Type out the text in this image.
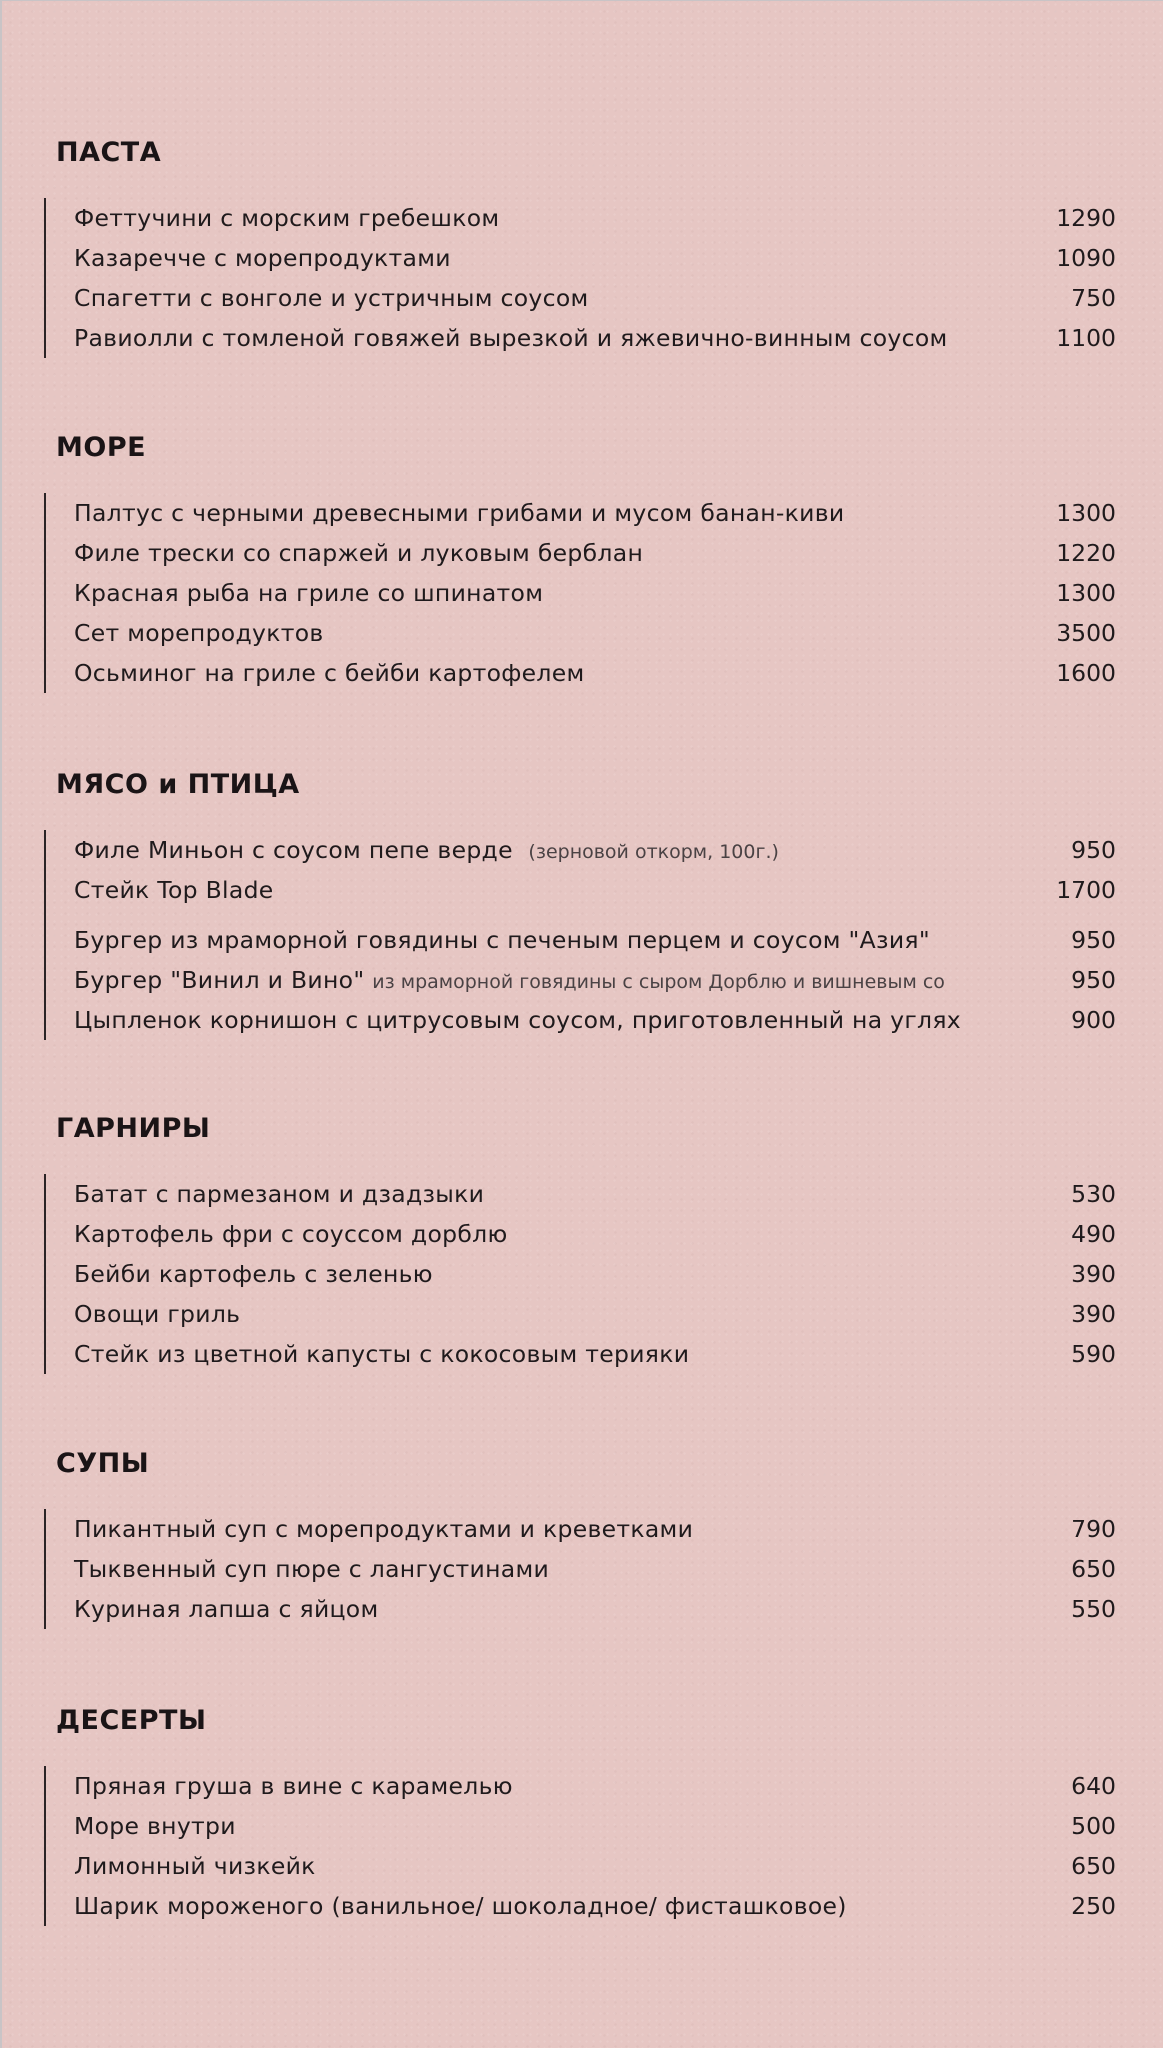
ПАСТА
Феттучини с морским гребешком	1290
Казаречче с морепродуктами	1090
Спагетти с вонголе и устричным соусом	750
Равиолли с томленой говяжей вырезкой и яжевично-винным соусом	1100
МОРЕ
Палтус с черными древесными грибами и мусом банан-киви	1300
Филе трески со спаржей и луковым берблан	1220
Красная рыба на гриле со шпинатом	1300
Сет морепродуктов	3500
Осьминог на гриле с бейби картофелем	1600
МЯСО и ПТИЦА
Филе Миньон с соусом пепе верде (зерновой откорм, 100г.)	950
Стейк Top Blade	1700
Бургер из мраморной говядины с печеным перцем и соусом "Азия"	950
Бургер "Винил и Вино" из мраморной говядины с сыром Дорблю и вишневым со	950
Цыпленок корнишон с цитрусовым соусом, приготовленный на углях	900
ГАРНИРЫ
Батат с пармезаном и дзадзыки	530
Картофель фри с соуссом дорблю	490
Бейби картофель с зеленью	390
Овощи гриль	390
Стейк из цветной капусты с кокосовым терияки	590
СУПЫ
Пикантный суп с морепродуктами и креветками	790
Тыквенный суп пюре с лангустинами	650
Куриная лапша с яйцом	550
ДЕСЕРТЫ
Пряная груша в вине с карамелью	640
Море внутри	500
Лимонный чизкейк	650
Шарик мороженого (ванильное/ шоколадное/ фисташковое)	250
